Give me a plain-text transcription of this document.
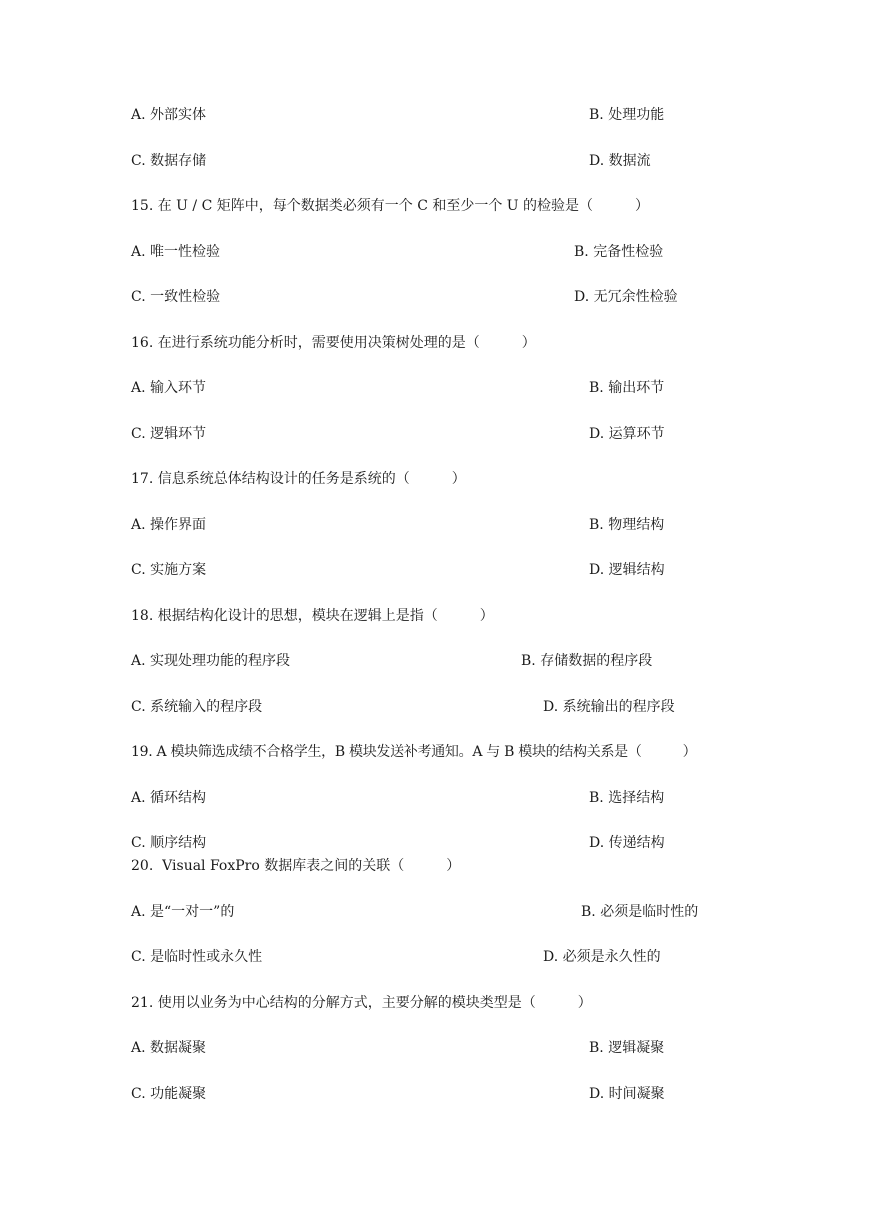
A. 外部实体	B. 处理功能
C. 数据存储	D. 数据流
15. 在 U / C 矩阵中，每个数据类必须有一个 C 和至少一个 U 的检验是（　　　）
A. 唯一性检验	B. 完备性检验
C. 一致性检验	D. 无冗余性检验
16. 在进行系统功能分析时，需要使用决策树处理的是（　　　）
A. 输入环节	B. 输出环节
C. 逻辑环节	D. 运算环节
17. 信息系统总体结构设计的任务是系统的（　　　）
A. 操作界面	B. 物理结构
C. 实施方案	D. 逻辑结构
18. 根据结构化设计的思想，模块在逻辑上是指（　　　）
A. 实现处理功能的程序段	B. 存储数据的程序段
C. 系统输入的程序段	D. 系统输出的程序段
19. A 模块筛选成绩不合格学生，B 模块发送补考通知。A 与 B 模块的结构关系是（　　　）
A. 循环结构	B. 选择结构
C. 顺序结构	D. 传递结构
20.  Visual FoxPro 数据库表之间的关联（　　　）
A. 是“一对一”的	B. 必须是临时性的
C. 是临时性或永久性	D. 必须是永久性的
21. 使用以业务为中心结构的分解方式，主要分解的模块类型是（　　　）
A. 数据凝聚	B. 逻辑凝聚
C. 功能凝聚	D. 时间凝聚
